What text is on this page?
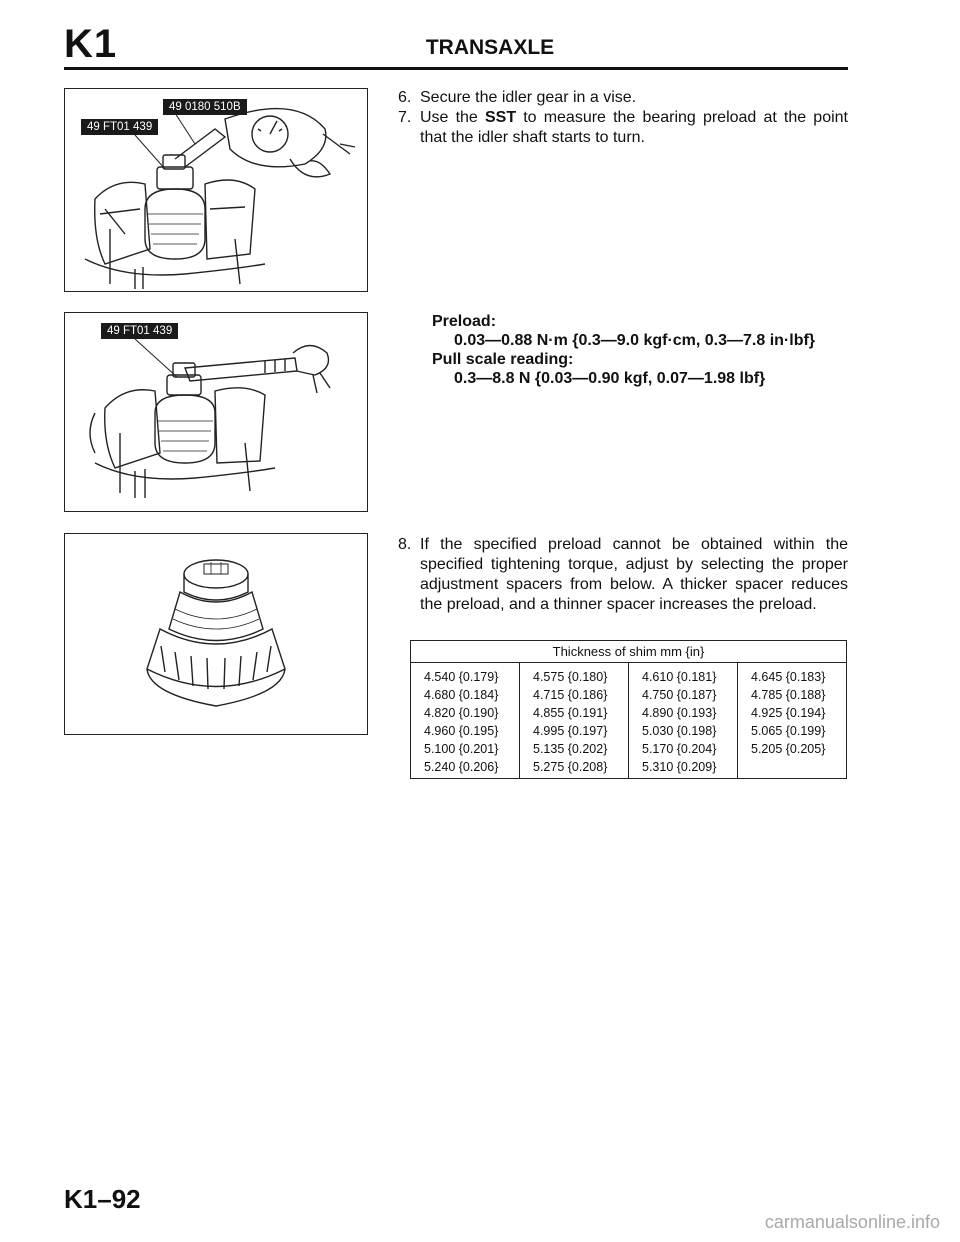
K1	TRANSAXLE
49 0180 510B
49 FT01 439
49 FT01 439
6. Secure the idler gear in a vise.
7. Use the SST to measure the bearing preload at the point that the idler shaft starts to turn.
Preload:
0.03—0.88 N·m {0.3—9.0 kgf·cm, 0.3—7.8 in·lbf}
Pull scale reading:
0.3—8.8 N {0.03—0.90 kgf, 0.07—1.98 lbf}
8. If the specified preload cannot be obtained within the specified tightening torque, adjust by selecting the proper adjustment spacers from below. A thicker spacer reduces the preload, and a thinner spacer increases the preload.
Thickness of shim mm {in}			
4.540 {0.179}	4.575 {0.180}	4.610 {0.181}	4.645 {0.183}
4.680 {0.184}	4.715 {0.186}	4.750 {0.187}	4.785 {0.188}
4.820 {0.190}	4.855 {0.191}	4.890 {0.193}	4.925 {0.194}
4.960 {0.195}	4.995 {0.197}	5.030 {0.198}	5.065 {0.199}
5.100 {0.201}	5.135 {0.202}	5.170 {0.204}	5.205 {0.205}
5.240 {0.206}	5.275 {0.208}	5.310 {0.209}	
K1–92
carmanualsonline.info
